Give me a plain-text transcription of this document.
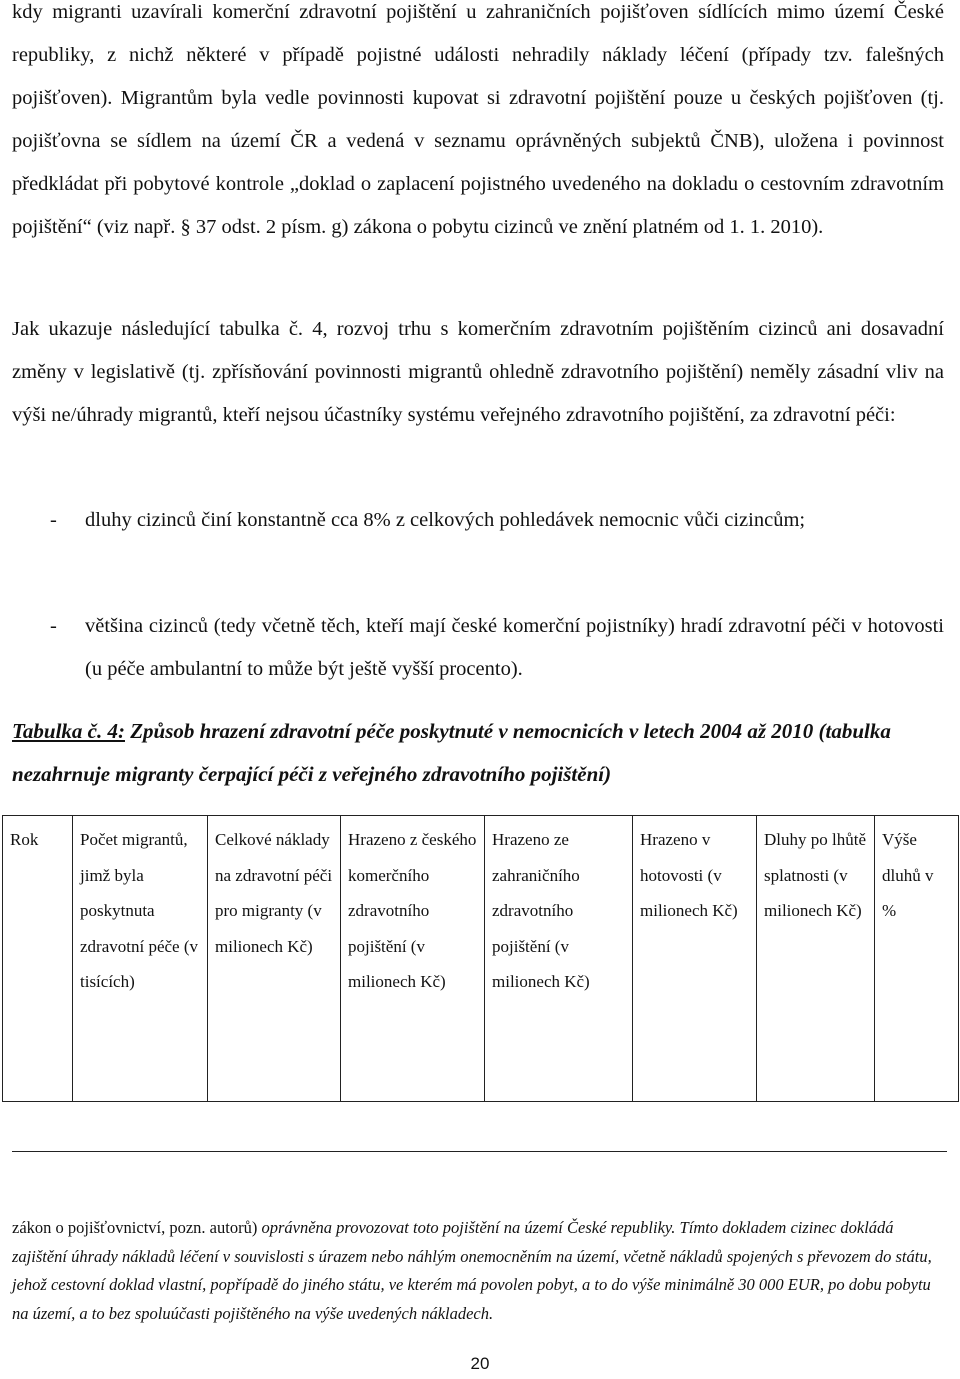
kdy migranti uzavírali komerční zdravotní pojištění u zahraničních pojišťoven sídlících mimo území České republiky, z nichž některé v případě pojistné události nehradily náklady léčení (případy tzv. falešných pojišťoven). Migrantům byla vedle povinnosti kupovat si zdravotní pojištění pouze u českých pojišťoven (tj. pojišťovna se sídlem na území ČR a vedená v seznamu oprávněných subjektů ČNB), uložena i povinnost předkládat při pobytové kontrole „doklad o zaplacení pojistného uvedeného na dokladu o cestovním zdravotním pojištění“ (viz např. § 37 odst. 2 písm. g) zákona o pobytu cizinců ve znění platném od 1. 1. 2010).
Jak ukazuje následující tabulka č. 4, rozvoj trhu s komerčním zdravotním pojištěním cizinců ani dosavadní změny v legislativě (tj. zpřísňování povinnosti migrantů ohledně zdravotního pojištění) neměly zásadní vliv na výši ne/úhrady migrantů, kteří nejsou účastníky systému veřejného zdravotního pojištění, za zdravotní péči:
- dluhy cizinců činí konstantně cca 8% z celkových pohledávek nemocnic vůči cizincům;
- většina cizinců (tedy včetně těch, kteří mají české komerční pojistníky) hradí zdravotní péči v hotovosti (u péče ambulantní to může být ještě vyšší procento).
Tabulka č. 4: Způsob hrazení zdravotní péče poskytnuté v nemocnicích v letech 2004 až 2010 (tabulka nezahrnuje migranty čerpající péči z veřejného zdravotního pojištění)
Rok	Počet migrantů, jimž byla poskytnuta zdravotní péče (v tisících)	Celkové náklady na zdravotní péči pro migranty (v milionech Kč)	Hrazeno z českého komerčního zdravotního pojištění (v milionech Kč)	Hrazeno ze zahraničního zdravotního pojištění (v milionech Kč)	Hrazeno v hotovosti (v milionech Kč)	Dluhy po lhůtě splatnosti (v milionech Kč)	Výše dluhů v %
zákon o pojišťovnictví, pozn. autorů) oprávněna provozovat toto pojištění na území České republiky. Tímto dokladem cizinec dokládá zajištění úhrady nákladů léčení v souvislosti s úrazem nebo náhlým onemocněním na území, včetně nákladů spojených s převozem do státu, jehož cestovní doklad vlastní, popřípadě do jiného státu, ve kterém má povolen pobyt, a to do výše minimálně 30 000 EUR, po dobu pobytu na území, a to bez spoluúčasti pojištěného na výše uvedených nákladech.
20
